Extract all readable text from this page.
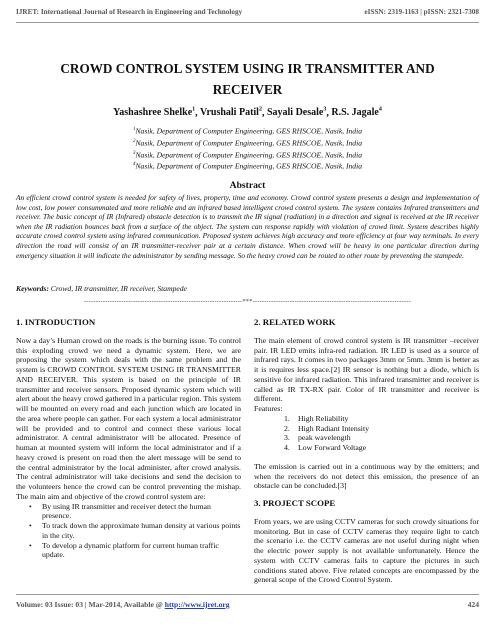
IJRET: International Journal of Research in Engineering and Technology	eISSN: 2319-1163 | pISSN: 2321-7308
CROWD CONTROL SYSTEM USING IR TRANSMITTER AND
RECEIVER
Yashashree Shelke$^1$, Vrushali Patil$^2$, Sayali Desale$^3$, R.S. Jagale$^4$
$^1$Nasik, Department of Computer Engineering, GES RHSCOE, Nasik, India
$^2$Nasik, Department of Computer Engineering, GES RHSCOE, Nasik, India
$^3$Nasik, Department of Computer Engineering, GES RHSCOE, Nasik, India
$^4$Nasik, Department of Computer Engineering, GES RHSCOE, Nasik, India
Abstract
An efficient crowd control system is needed for safety of lives, property, time and economy. Crowd control system presents a design and implementation of low cost, low power consummated and more reliable and an infrared based intelligent crowd control system. The system contains Infrared transmitters and receiver. The basic concept of IR (Infrared) obstacle detection is to transmit the IR signal (radiation) in a direction and signal is received at the IR receiver when the IR radiation bounces back from a surface of the object. The system can response rapidly with violation of crowd limit. System describes highly accurate crowd control system using infrared communication. Proposed system achieves high accuracy and more efficiency at four way terminals. In every direction the road will consist of an IR transmitter-receiver pair at a certain distance. When crowd will be heavy in one particular direction during emergency situation it will indicate the administrator by sending message. So the heavy crowd can be routed to other route by preventing the stampede.
Keywords: Crowd, IR transmitter, IR receiver, Stampede
--------------------------------------------------------------------***--------------------------------------------------------------------
1. INTRODUCTION

Now a day’s Human crowd on the roads is the burning issue. To control this exploding crowd we need a dynamic system. Here, we are proposing the system which deals with the same problem and the system is CROWD CONTROL SYSTEM USING IR TRANSMITTER AND RECEIVER. This system is based on the principle of IR transmitter and receiver sensors. Proposed dynamic system which will alert about the heavy crowd gathered in a particular region. This system will be mounted on every road and each junction which are located in the area where people can gather. For each system a local administrator will be provided and to control and connect these various local administrator. A central administrator will be allocated. Presence of human at mounted system will inform the local administrator and if a heavy crowd is present on road then the alert message will be send to the central administrator by the local administer, after crowd analysis. The central administrator will take decisions and send the decision to the volunteers hence the crowd can be control preventing the mishap. The main aim and objective of the crowd control system are:

• By using IR transmitter and receiver detect the human presence.
• To track down the approximate human density at various points in the city.
• To develop a dynamic platform for current human traffic update.
2. RELATED WORK

The main element of crowd control system is IR transmitter –receiver pair. IR LED emits infra-red radiation. IR LED is used as a source of infrared rays. It comes in two packages 3mm or 5mm. 3mm is better as it is requires less space.[2] IR sensor is nothing but a diode, which is sensitive for infrared radiation. This infrared transmitter and receiver is called as IR TX-RX pair. Color of IR transmitter and receiver is different.

Features:
1.	High Reliability
2.	High Radiant Intensity
3.	peak wavelength
4.	Low Forward Voltage

The emission is carried out in a continuous way by the emitters; and when the receivers do not detect this emission, the presence of an obstacle can be concluded.[3]

3. PROJECT SCOPE

From years, we are using CCTV cameras for such crowdy situations for monitoring. But in case of CCTV cameras they require light to catch the scenario i.e. the CCTV cameras are not useful during night when the electric power supply is not available unfortunately. Hence the system with CCTV cameras fails to capture the pictures in such conditions stated above. Five related concepts are encompassed by the general scope of the Crowd Control System.

Volume: 03 Issue: 03 | Mar-2014, Available @ http://www.ijret.org	424
